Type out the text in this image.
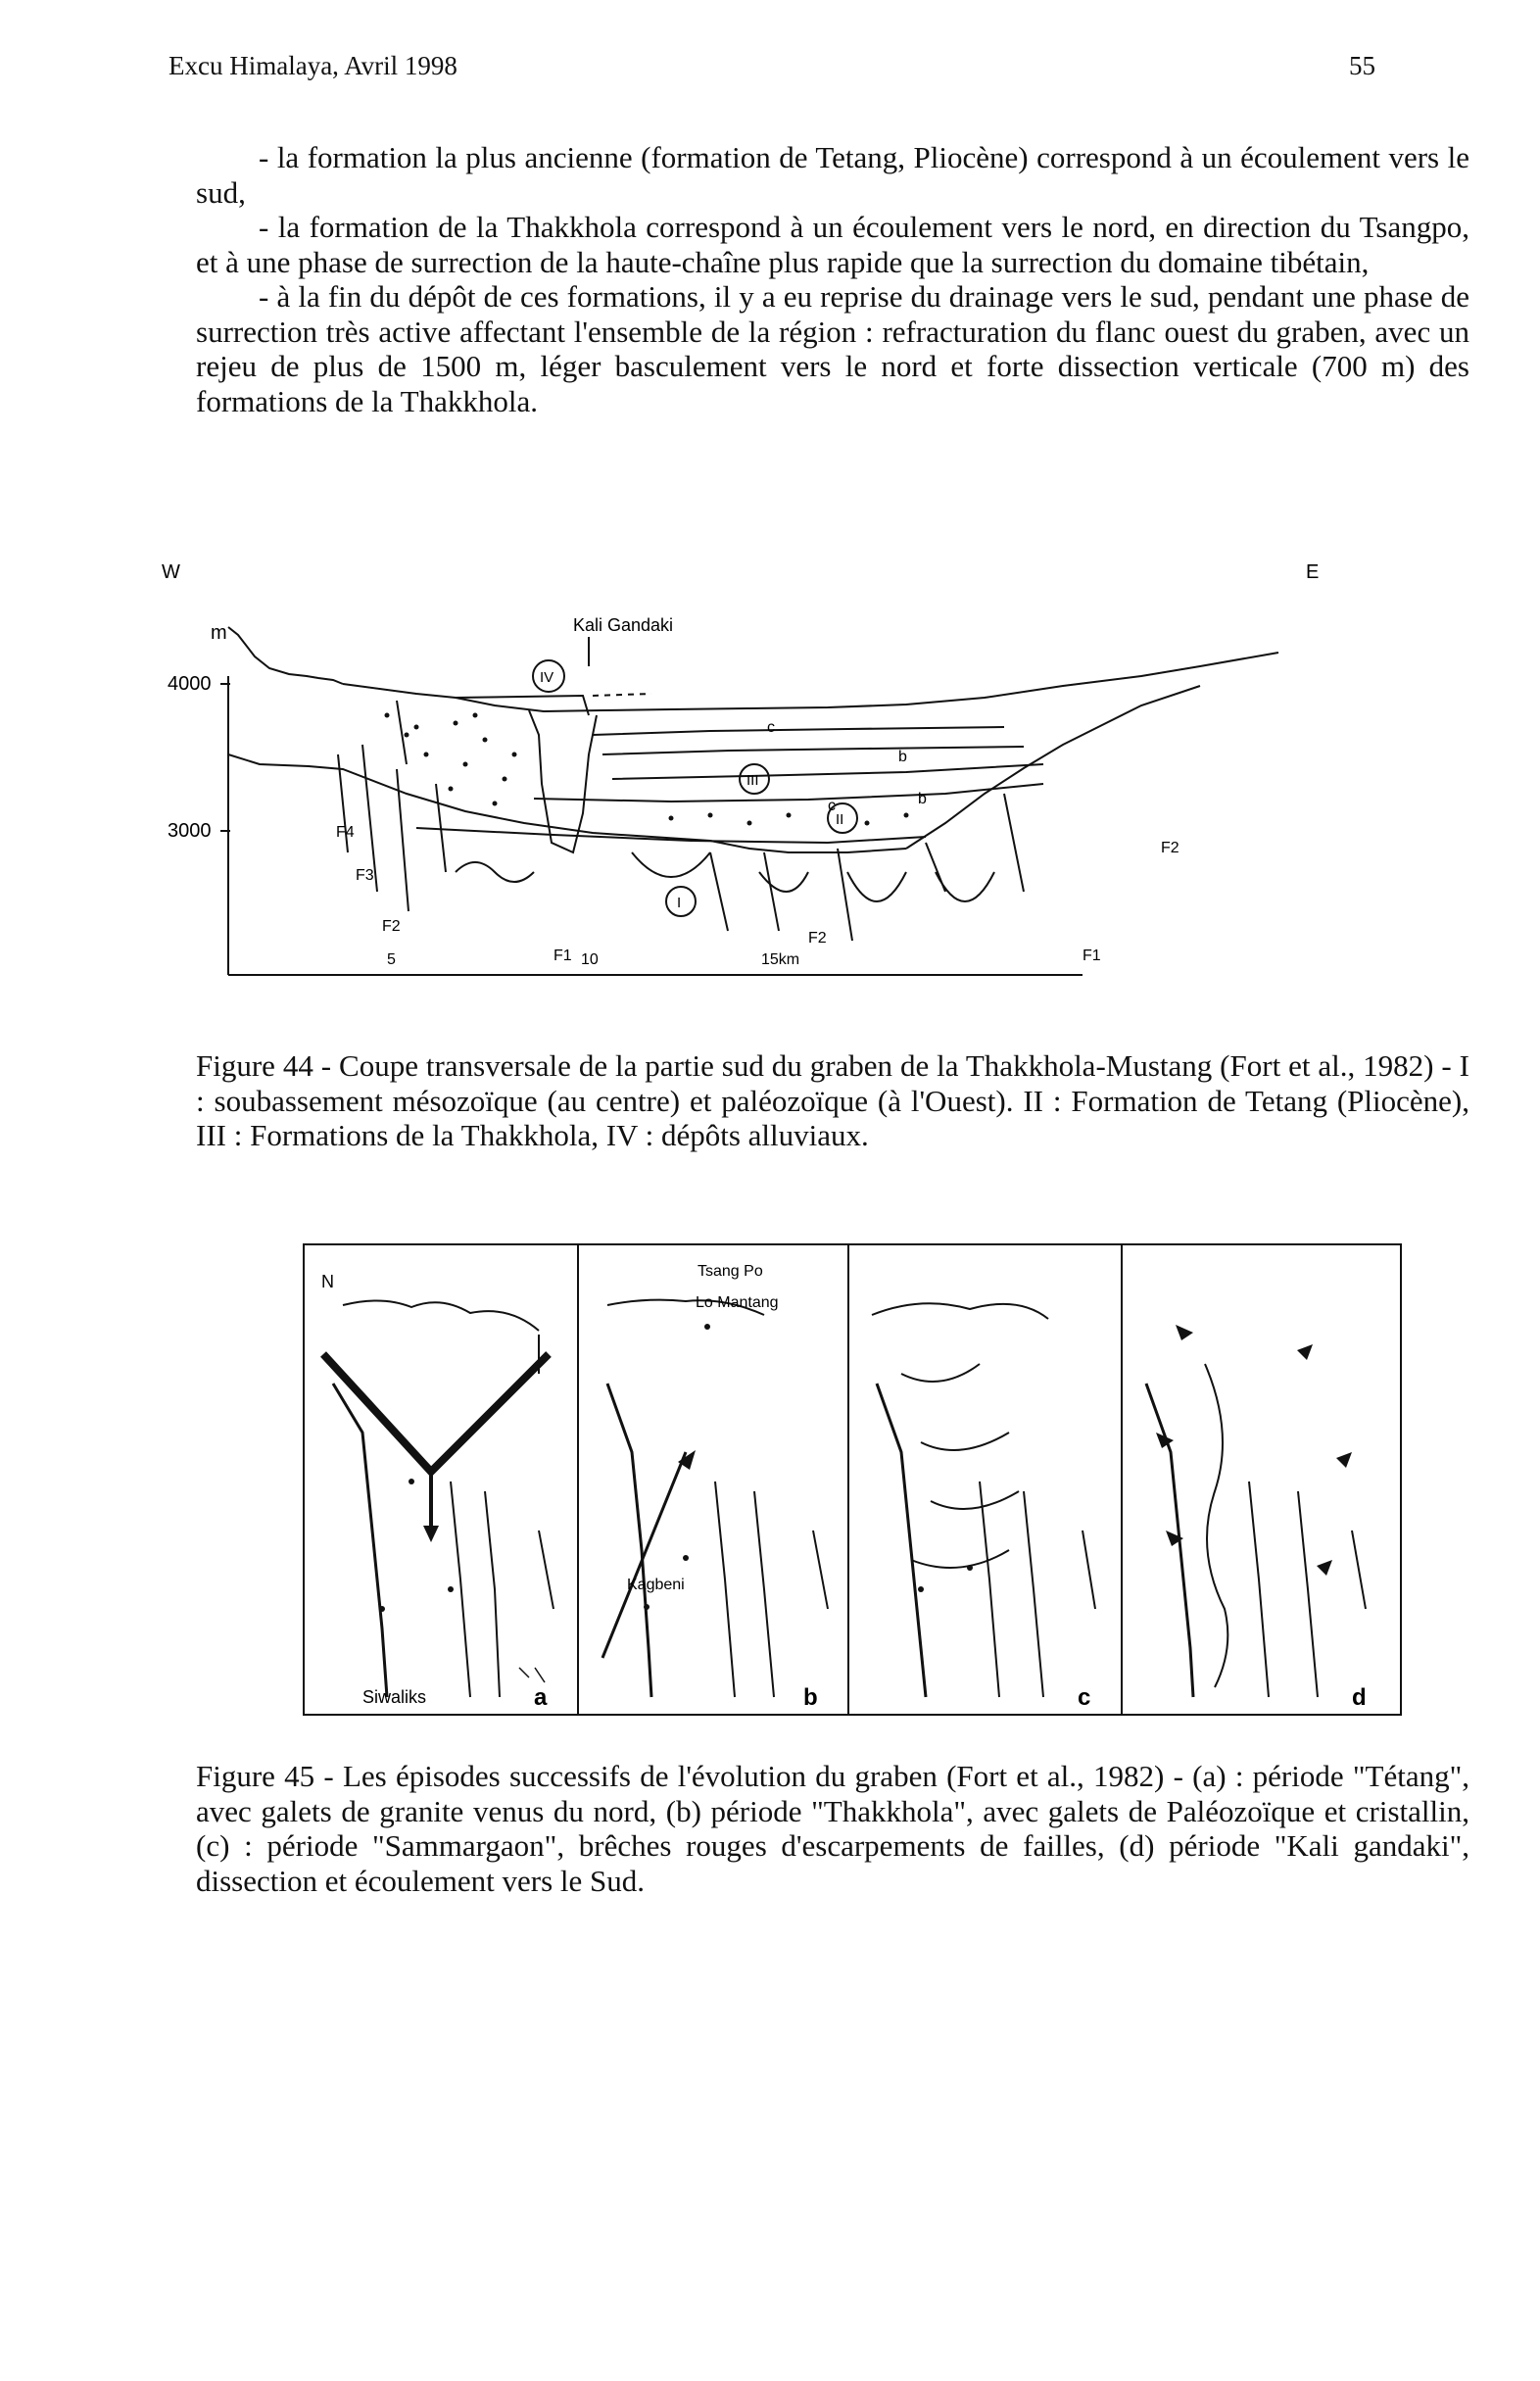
Excu Himalaya, Avril 1998	55

- la formation la plus ancienne (formation de Tetang, Pliocène) correspond à un écoulement vers le sud,

- la formation de la Thakkhola correspond à un écoulement vers le nord, en direction du Tsangpo, et à une phase de surrection de la haute-chaîne plus rapide que la surrection du domaine tibétain,

- à la fin du dépôt de ces formations, il y a eu reprise du drainage vers le sud, pendant une phase de surrection très active affectant l'ensemble de la région : refracturation du flanc ouest du graben, avec un rejeu de plus de 1500 m, léger basculement vers le nord et forte dissection verticale (700 m) des formations de la Thakkhola.

W	E
m
4000
3000
Kali Gandaki
IV
III
II
I
c
c
b
b
F4
F3
F2
F2
F2
F1	F1
5	10	15km
Figure 44 - Coupe transversale de la partie sud du graben de la Thakkhola-Mustang (Fort et al., 1982) - I : soubassement mésozoïque (au centre) et paléozoïque (à l'Ouest). II : Formation de Tetang (Pliocène), III : Formations de la Thakkhola, IV : dépôts alluviaux.
N
Siwaliks	a
Tsang Po
Lo Mantang
Kagbeni
b	c	d
Figure 45 - Les épisodes successifs de l'évolution du graben (Fort et al., 1982) - (a) : période "Tétang", avec galets de granite venus du nord, (b) période "Thakkhola", avec galets de Paléozoïque et cristallin, (c) : période "Sammargaon", brêches rouges d'escarpements de failles, (d) période "Kali gandaki", dissection et écoulement vers le Sud.
